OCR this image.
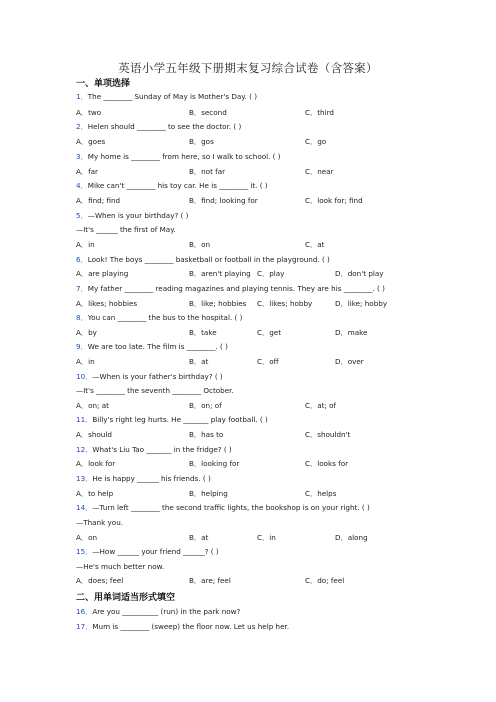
英语小学五年级下册期末复习综合试卷（含答案）
一、单项选择
1．The ________ Sunday of May is Mother's Day. ( )
A．two	B．second	C．third
2．Helen should ________ to see the doctor. ( )
A．goes	B．gos	C．go
3．My home is ________ from here, so I walk to school. ( )
A．far	B．not far	C．near
4．Mike can't ________ his toy car. He is ________ it. ( )
A．find; find	B．find; looking for	C．look for; find
5．—When is your birthday? ( )
—It's ______ the first of May.
A．in	B．on	C．at
6．Look! The boys ________ basketball or football in the playground. ( )
A．are playing	B．aren't playing C．play	D．don't play
7．My father ________ reading magazines and playing tennis. They are his ________. ( )
A．likes; hobbies	B．like; hobbies C．likes; hobby	D．like; hobby
8．You can ________ the bus to the hospital. ( )
A．by	B．take	C．get	D．make
9．We are too late. The film is ________. ( )
A．in	B．at	C．off	D．over
10．—When is your father's birthday? ( )
—It's ________ the seventh ________ October.
A．on; at	B．on; of	C．at; of
11．Billy's right leg hurts. He _______ play football. ( )
A．should	B．has to	C．shouldn't
12．What's Liu Tao _______ in the fridge? ( )
A．look for	B．looking for	C．looks for
13．He is happy ______ his friends. ( )
A．to help	B．helping	C．helps
14．—Turn left ________ the second traffic lights, the bookshop is on your right. ( )
—Thank you.
A．on	B．at	C．in	D．along
15．—How ______ your friend ______? ( )
—He's much better now.
A．does; feel	B．are; feel	C．do; feel
二、用单词适当形式填空
16．Are you __________ (run) in the park now?
17．Mum is ________ (sweep) the floor now. Let us help her.
